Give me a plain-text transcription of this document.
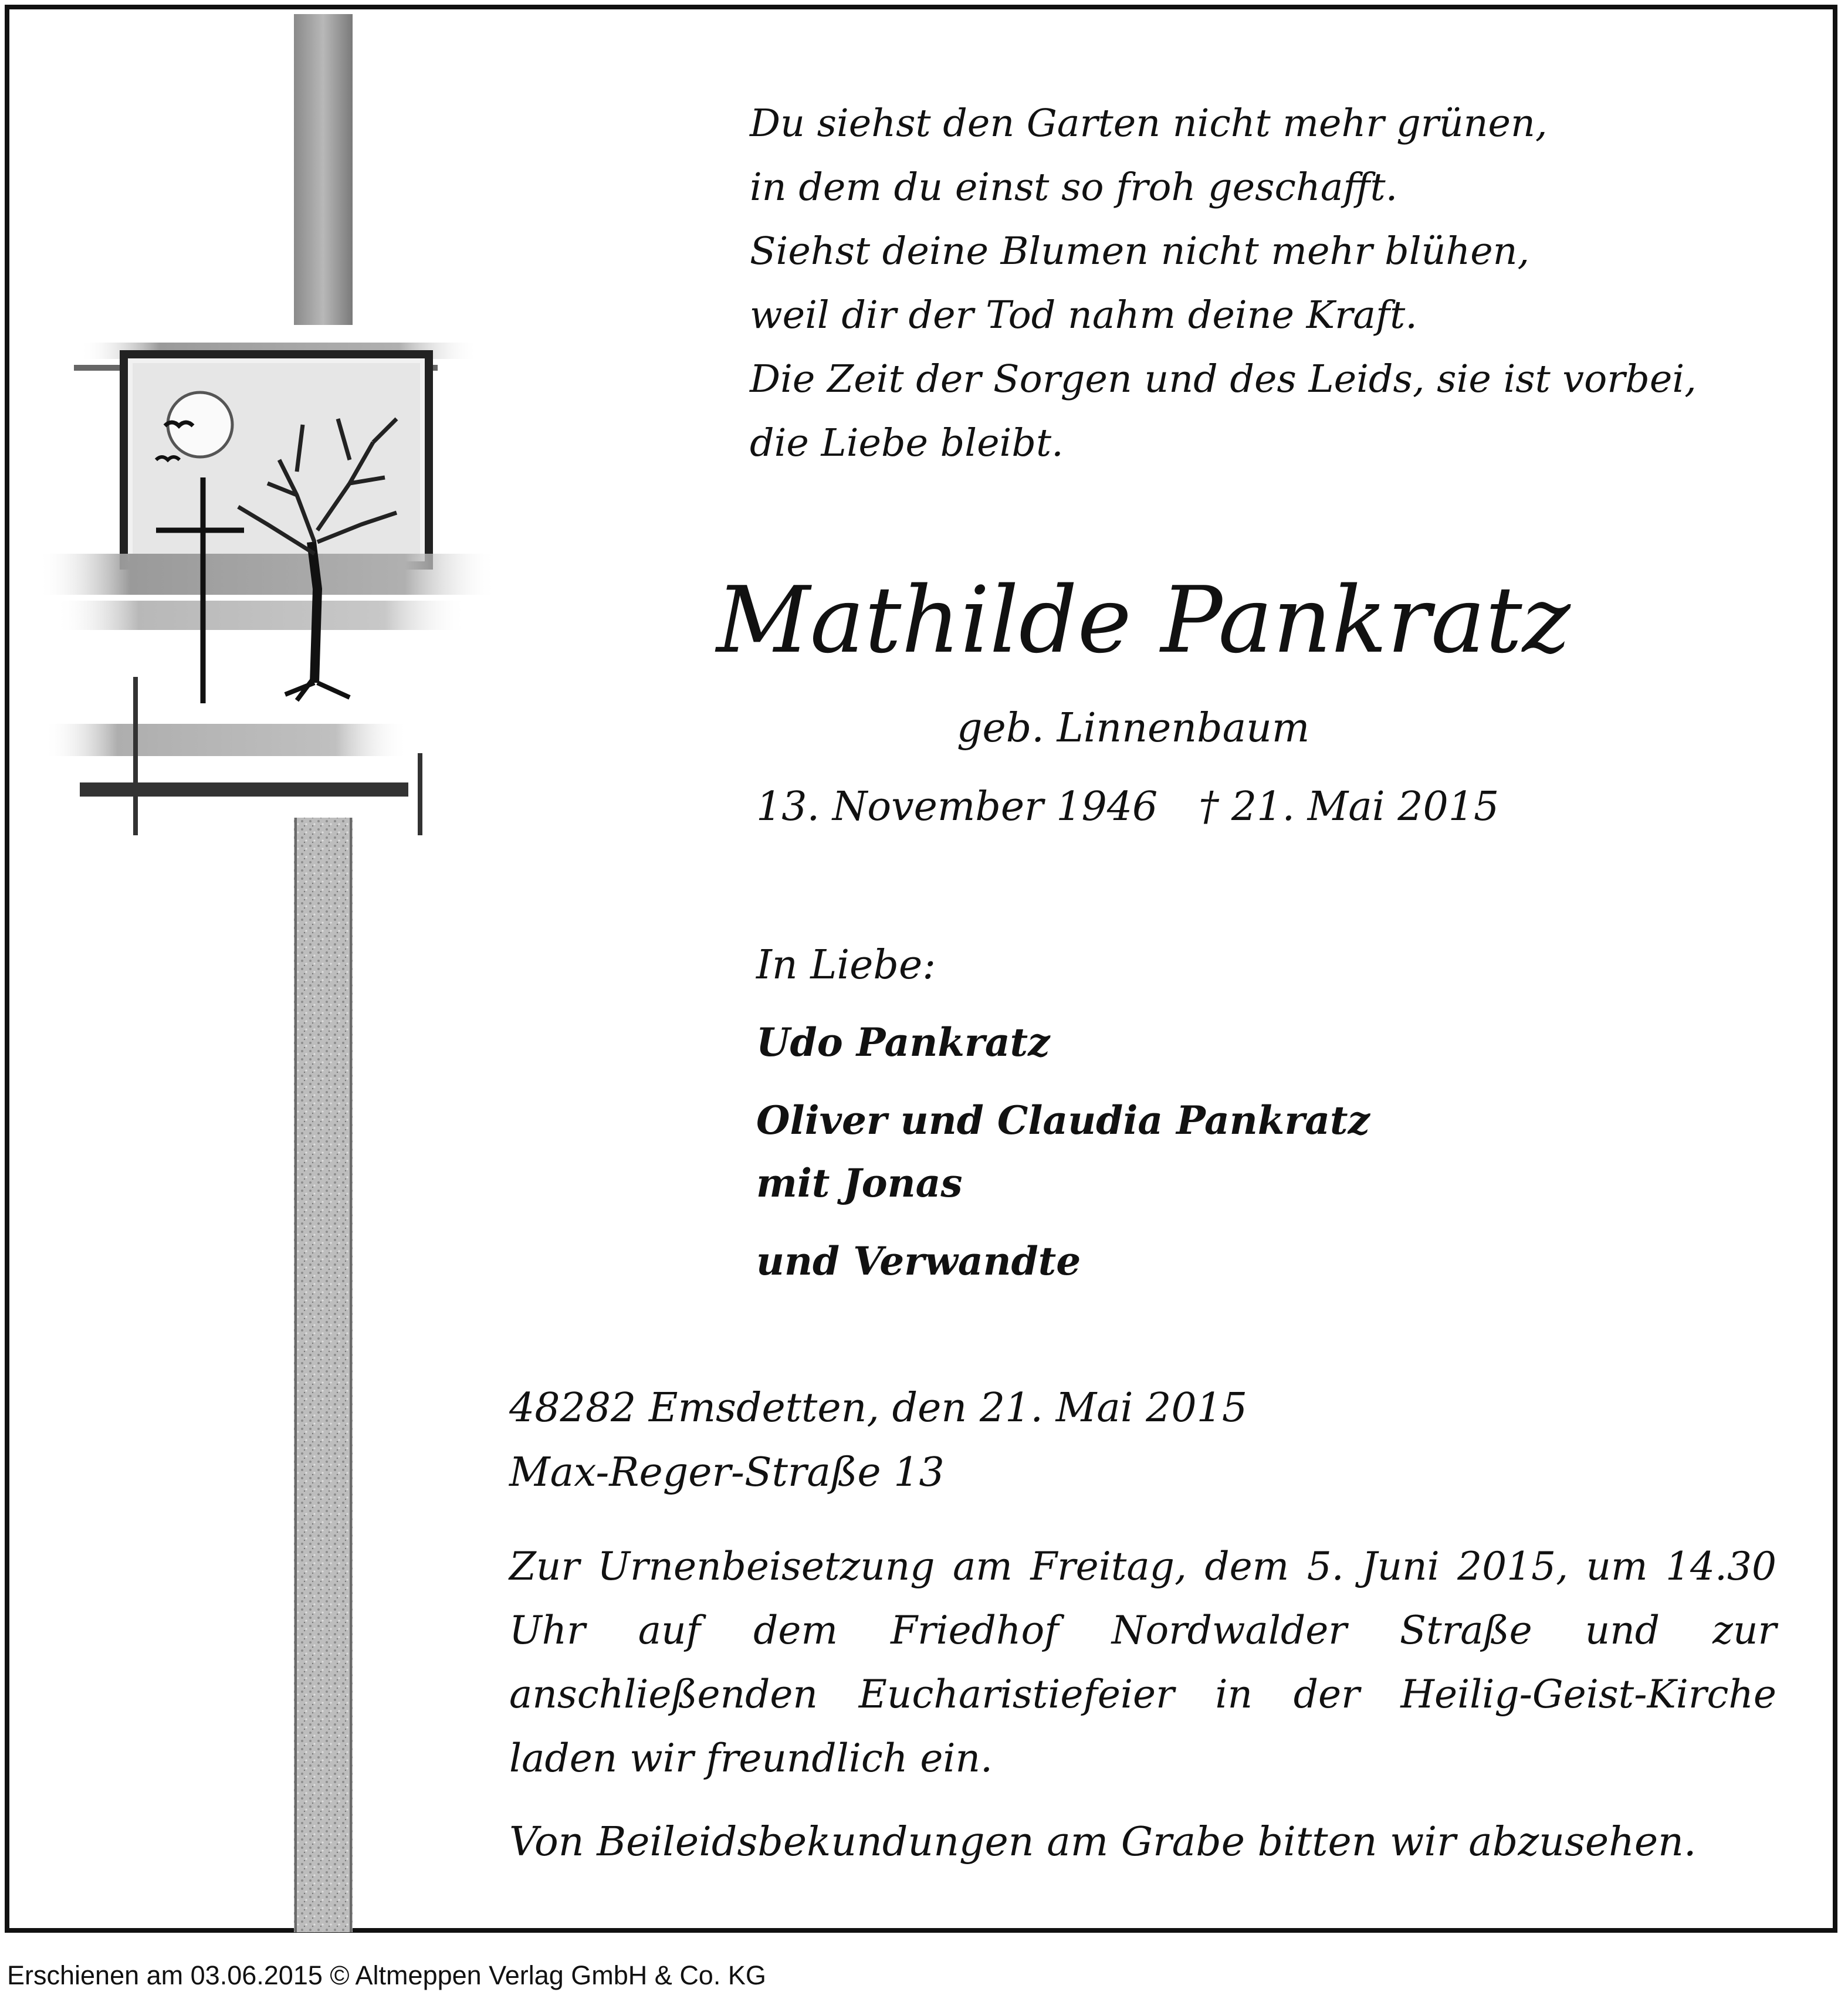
Du siehst den Garten nicht mehr grünen,
in dem du einst so froh geschafft.
Siehst deine Blumen nicht mehr blühen,
weil dir der Tod nahm deine Kraft.
Die Zeit der Sorgen und des Leids, sie ist vorbei,
die Liebe bleibt.
Mathilde Pankratz
geb. Linnenbaum
13. November 1946 † 21. Mai 2015
In Liebe:
Udo Pankratz
Oliver und Claudia Pankratz
mit Jonas
und Verwandte
48282 Emsdetten, den 21. Mai 2015
Max-Reger-Straße 13
Zur Urnenbeisetzung am Freitag, dem 5. Juni 2015, um 14.30 Uhr auf dem Friedhof Nordwalder Straße und zur anschließenden Eucharistiefeier in der Heilig-Geist-Kirche laden wir freundlich ein.
Von Beileidsbekundungen am Grabe bitten wir abzusehen.
Erschienen am 03.06.2015 © Altmeppen Verlag GmbH & Co. KG
